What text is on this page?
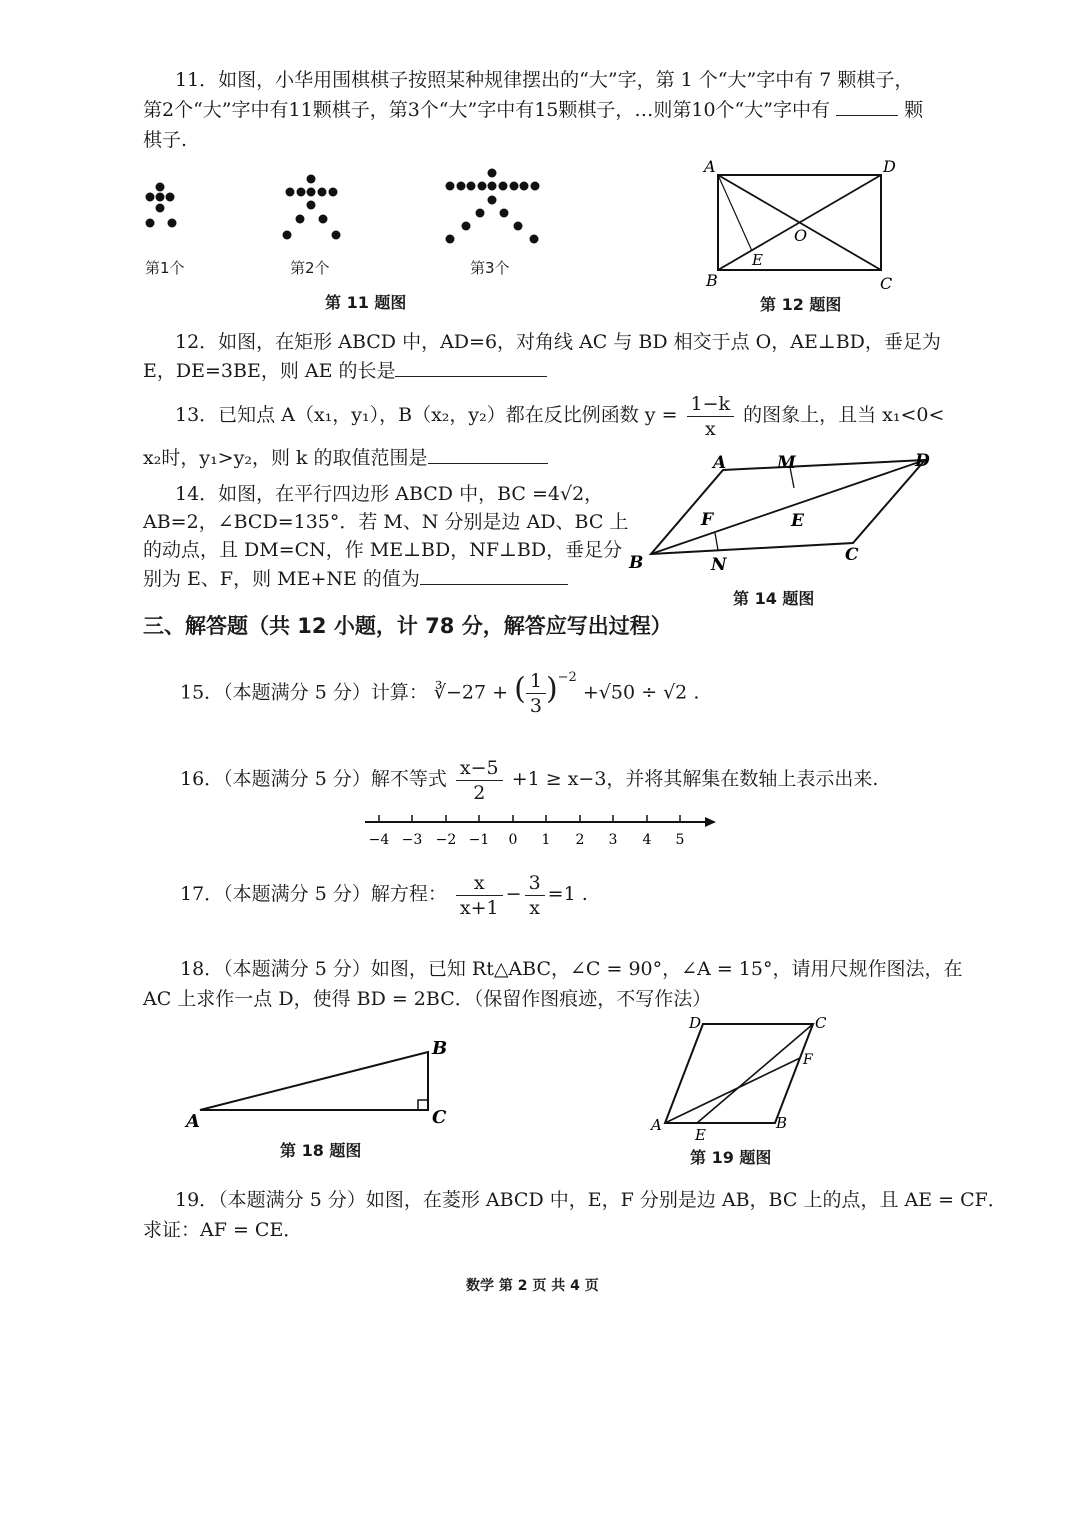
11．如图，小华用围棋棋子按照某种规律摆出的“大”字，第 1 个“大”字中有 7 颗棋子，
第2个“大”字中有11颗棋子，第3个“大”字中有15颗棋子，…则第10个“大”字中有	颗
棋子.
第1个	第2个	第3个
第 11 题图
A	D
B	C
O
E
第 12 题图
12．如图，在矩形 ABCD 中，AD=6，对角线 AC 与 BD 相交于点 O，AE⊥BD，垂足为
E，DE=3BE，则 AE 的长是
13．已知点 A（x₁，y₁），B（x₂，y₂）都在反比例函数 $y = \frac{1-k}{x}$ 的图象上，且当 x₁<0<
x₂时，y₁>y₂，则 k 的取值范围是	A	M	D
F	E
B	N	C
第 14 题图
14．如图，在平行四边形 ABCD 中，BC =4√2，
AB=2，∠BCD=135°．若 M、N 分别是边 AD、BC 上
的动点，且 DM=CN，作 ME⊥BD，NF⊥BD，垂足分
别为 E、F，则 ME+NE 的值为
三、解答题（共 12 小题，计 78 分，解答应写出过程）
15．（本题满分 5 分）计算： ∛−27 + ( $\frac{1}{3} )^{-2} +√50 \div √2$ .
16．（本题满分 5 分）解不等式 $\frac{x-5}{2} +1 \ge x-3$，并将其解集在数轴上表示出来.
−4 −3 −2 −1 0 1 2 3 4 5
17．（本题满分 5 分）解方程： $\frac{x}{x+1} - \frac{3}{x} =1$ .
18．（本题满分 5 分）如图，已知 Rt△ABC，∠C = 90°，∠A = 15°，请用尺规作图法，在
AC 上求作一点 D，使得 BD = 2BC．（保留作图痕迹，不写作法）
A
B
C
第 18 题图
D	C
F
A	B
E
第 19 题图
19．（本题满分 5 分）如图，在菱形 ABCD 中，E，F 分别是边 AB，BC 上的点，且 AE = CF．
求证：AF = CE．
数学 第 2 页 共 4 页
